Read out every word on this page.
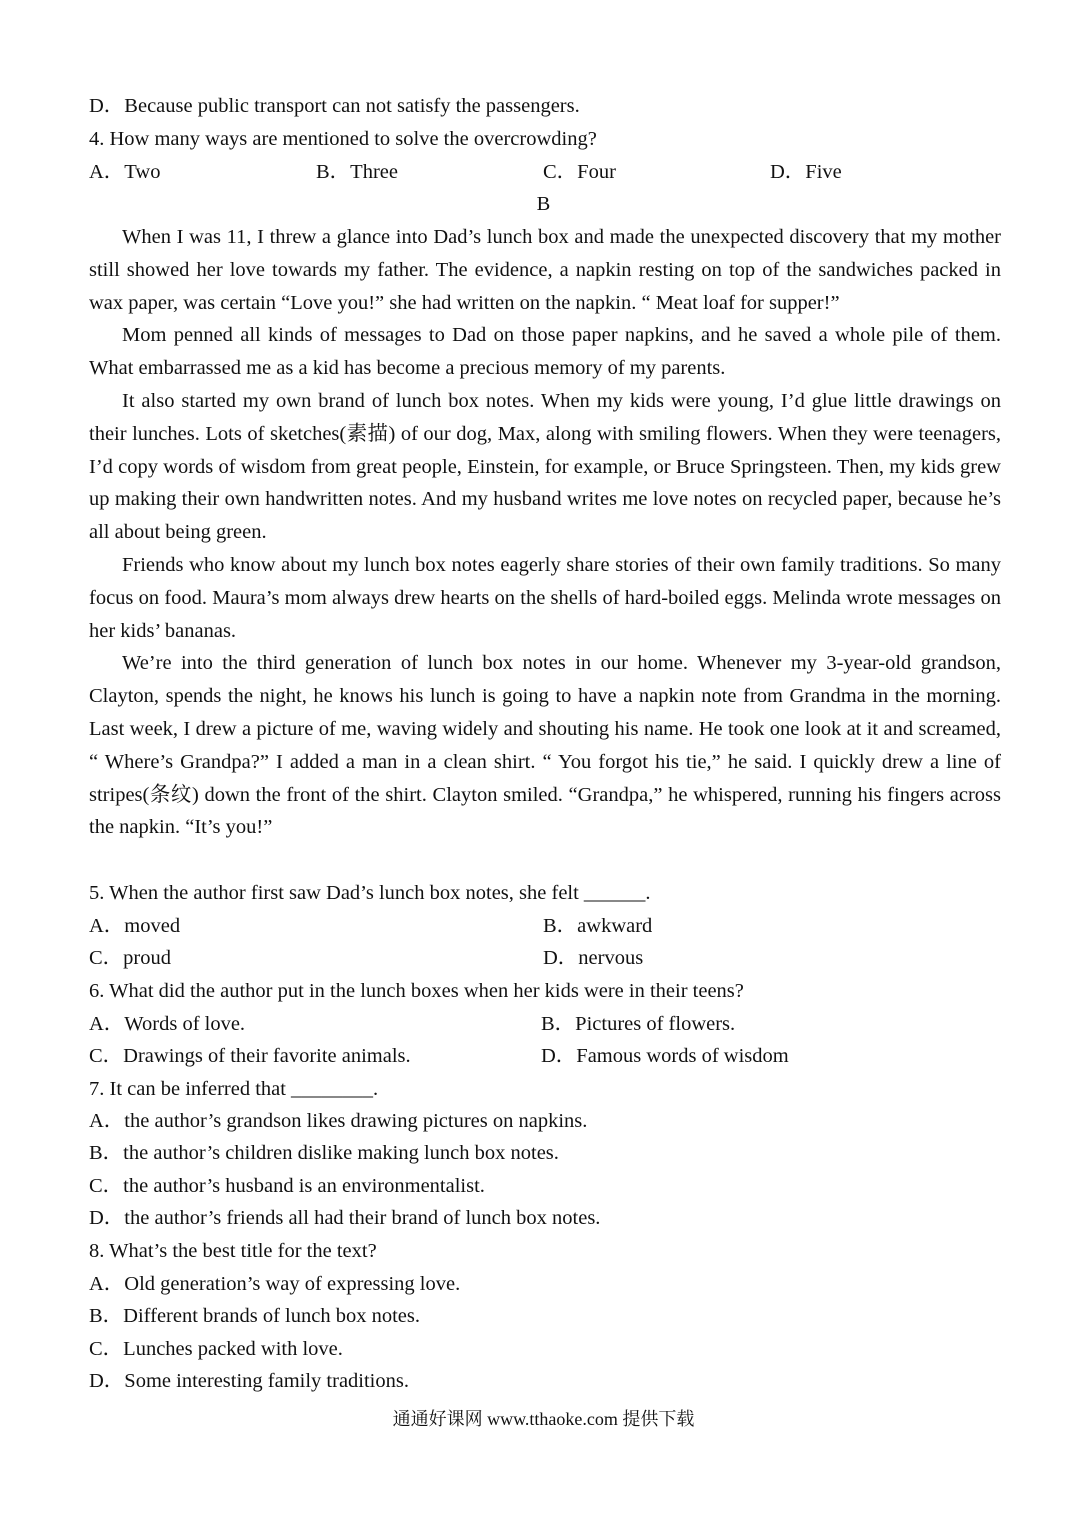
D．Because public transport can not satisfy the passengers.
4. How many ways are mentioned to solve the overcrowding?
A．Two	B．Three	C．Four	D．Five
B

When I was 11, I threw a glance into Dad’s lunch box and made the unexpected discovery that my mother still showed her love towards my father. The evidence, a napkin resting on top of the sandwiches packed in wax paper, was certain “Love you!” she had written on the napkin. “ Meat loaf for supper!”

Mom penned all kinds of messages to Dad on those paper napkins, and he saved a whole pile of them. What embarrassed me as a kid has become a precious memory of my parents.

It also started my own brand of lunch box notes. When my kids were young, I’d glue little drawings on their lunches. Lots of sketches(素描) of our dog, Max, along with smiling flowers. When they were teenagers, I’d copy words of wisdom from great people, Einstein, for example, or Bruce Springsteen. Then, my kids grew up making their own handwritten notes. And my husband writes me love notes on recycled paper, because he’s all about being green.

Friends who know about my lunch box notes eagerly share stories of their own family traditions. So many focus on food. Maura’s mom always drew hearts on the shells of hard-boiled eggs. Melinda wrote messages on her kids’ bananas.

We’re into the third generation of lunch box notes in our home. Whenever my 3-year-old grandson, Clayton, spends the night, he knows his lunch is going to have a napkin note from Grandma in the morning. Last week, I drew a picture of me, waving widely and shouting his name. He took one look at it and screamed, “ Where’s Grandpa?” I added a man in a clean shirt. “ You forgot his tie,” he said. I quickly drew a line of stripes(条纹) down the front of the shirt. Clayton smiled. “Grandpa,” he whispered, running his fingers across the napkin. “It’s you!”

5. When the author first saw Dad’s lunch box notes, she felt ______.
A．moved	B．awkward
C．proud	D．nervous
6. What did the author put in the lunch boxes when her kids were in their teens?
A．Words of love.	B．Pictures of flowers.
C．Drawings of their favorite animals.	D．Famous words of wisdom
7. It can be inferred that ________.
A．the author’s grandson likes drawing pictures on napkins.
B．the author’s children dislike making lunch box notes.
C．the author’s husband is an environmentalist.
D．the author’s friends all had their brand of lunch box notes.
8. What’s the best title for the text?
A．Old generation’s way of expressing love.
B．Different brands of lunch box notes.
C．Lunches packed with love.
D．Some interesting family traditions.
通通好课网 www.tthaoke.com 提供下载
